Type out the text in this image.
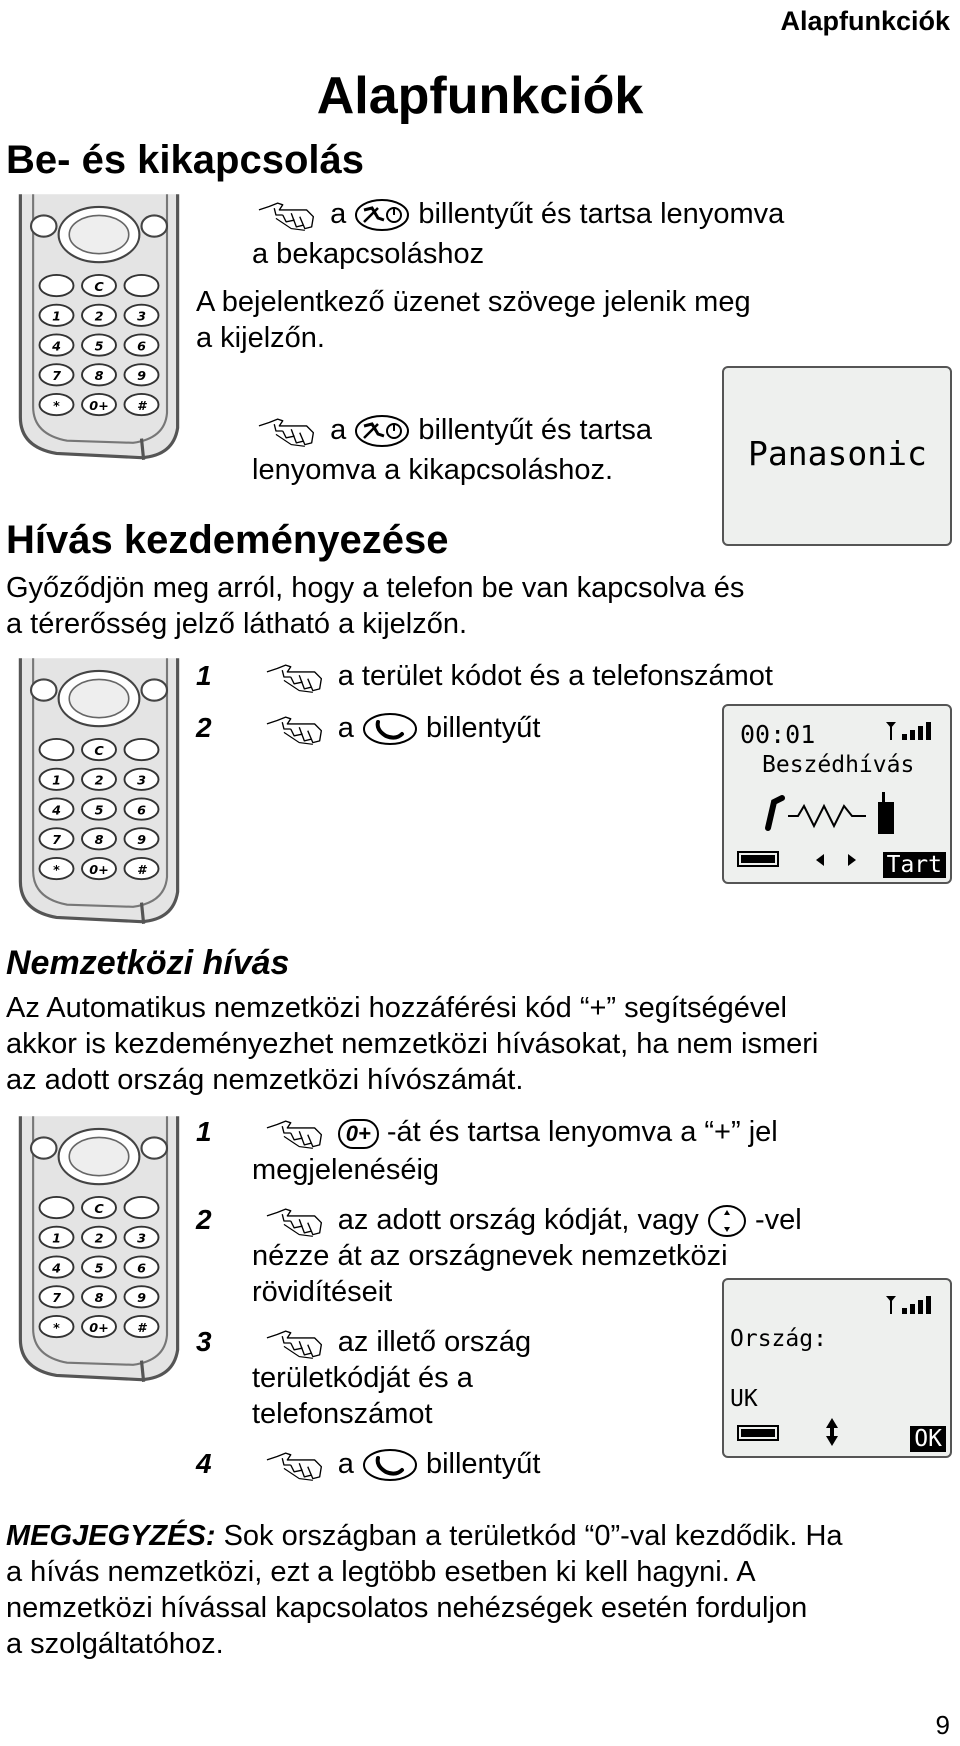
Alapfunkciók
Alapfunkciók
Be- és kikapcsolás
a billentyűt és tartsa lenyomva
a bekapcsoláshoz
A bejelentkező üzenet szövege jelenik meg
a kijelzőn.
a billentyűt és tartsa
lenyomva a kikapcsoláshoz.	Panasonic
Hívás kezdeményezése
Győződjön meg arról, hogy a telefon be van kapcsolva és
a térerősség jelző látható a kijelzőn.
1	a terület kódot és a telefonszámot
2	a billentyűt	00:01
Beszédhívás
Tart
Nemzetközi hívás
Az Automatikus nemzetközi hozzáférési kód “+” segítségével
akkor is kezdeményezhet nemzetközi hívásokat, ha nem ismeri
az adott ország nemzetközi hívószámát.
1	0+ -át és tartsa lenyomva a “+” jel
megjelenéséig
2	az adott ország kódját, vagy -vel
nézze át az országnevek nemzetközi
rövidítéseit
3	az illető ország
területkódját és a
telefonszámot
4	a billentyűt
Ország:
UK
OK
MEGJEGYZÉS: Sok országban a területkód “0”-val kezdődik. Ha
a hívás nemzetközi, ezt a legtöbb esetben ki kell hagyni. A
nemzetközi hívással kapcsolatos nehézségek esetén forduljon
a szolgáltatóhoz.
9
